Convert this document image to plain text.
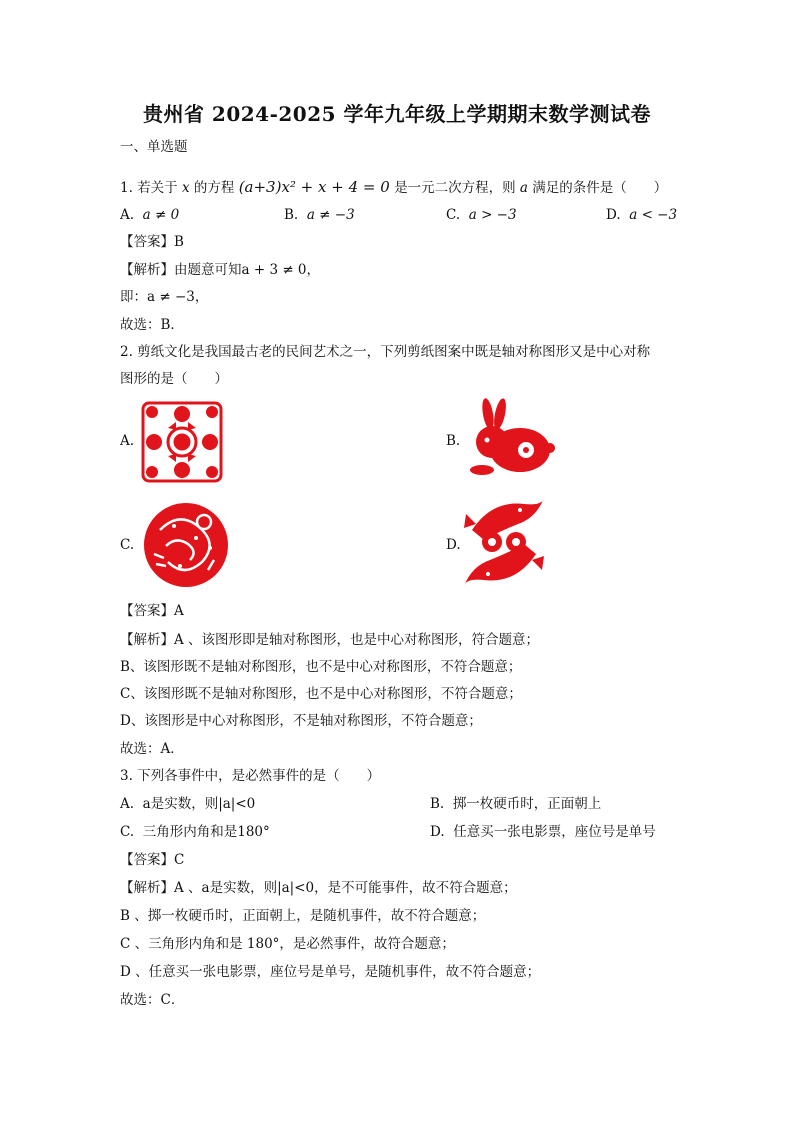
贵州省 2024-2025 学年九年级上学期期末数学测试卷
一、单选题
1. 若关于 x 的方程 (a+3)x² + x + 4 = 0 是一元二次方程，则 a 满足的条件是（　　）
A. a ≠ 0	B. a ≠ −3	C. a > −3	D. a < −3
【答案】B
【解析】由题意可知a + 3 ≠ 0，
即：a ≠ −3，
故选：B．
2. 剪纸文化是我国最古老的民间艺术之一，下列剪纸图案中既是轴对称图形又是中心对称
图形的是（　　）
A.	B.
C.	D.
【答案】A
【解析】A 、该图形即是轴对称图形，也是中心对称图形，符合题意；
B、该图形既不是轴对称图形，也不是中心对称图形，不符合题意；
C、该图形既不是轴对称图形，也不是中心对称图形，不符合题意；
D、该图形是中心对称图形，不是轴对称图形，不符合题意；
故选：A．
3. 下列各事件中，是必然事件的是（　　）
A. a是实数，则|a|<0	B. 掷一枚硬币时，正面朝上
C. 三角形内角和是180°	D. 任意买一张电影票，座位号是单号
【答案】C
【解析】A 、a是实数，则|a|<0，是不可能事件，故不符合题意；
B 、掷一枚硬币时，正面朝上，是随机事件，故不符合题意；
C 、三角形内角和是 180°，是必然事件，故符合题意；
D 、任意买一张电影票，座位号是单号，是随机事件，故不符合题意；
故选：C．
